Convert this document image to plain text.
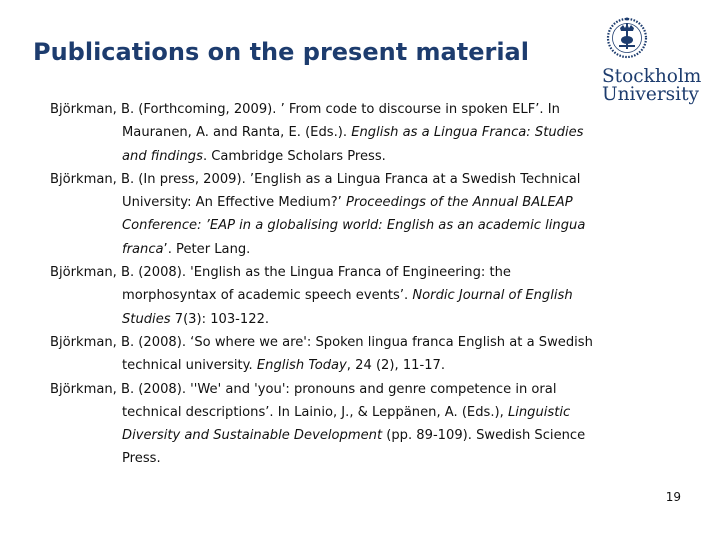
Publications on the present material
Stockholm
University
Björkman, B. (Forthcoming, 2009). ’ From code to discourse in spoken ELF’. In Mauranen, A. and Ranta, E. (Eds.). English as a Lingua Franca: Studies and findings. Cambridge Scholars Press.
Björkman, B. (In press, 2009). ’English as a Lingua Franca at a Swedish Technical University: An Effective Medium?’ Proceedings of the Annual BALEAP Conference: ’EAP in a globalising world: English as an academic lingua franca’. Peter Lang.
Björkman, B. (2008). 'English as the Lingua Franca of Engineering: the morphosyntax of academic speech events’. Nordic Journal of English Studies 7(3): 103-122.
Björkman, B. (2008). ‘So where we are': Spoken lingua franca English at a Swedish technical university. English Today, 24 (2), 11-17.
Björkman, B. (2008). ''We' and 'you': pronouns and genre competence in oral technical descriptions’. In Lainio, J., & Leppänen, A. (Eds.), Linguistic Diversity and Sustainable Development (pp. 89-109). Swedish Science Press.
19
